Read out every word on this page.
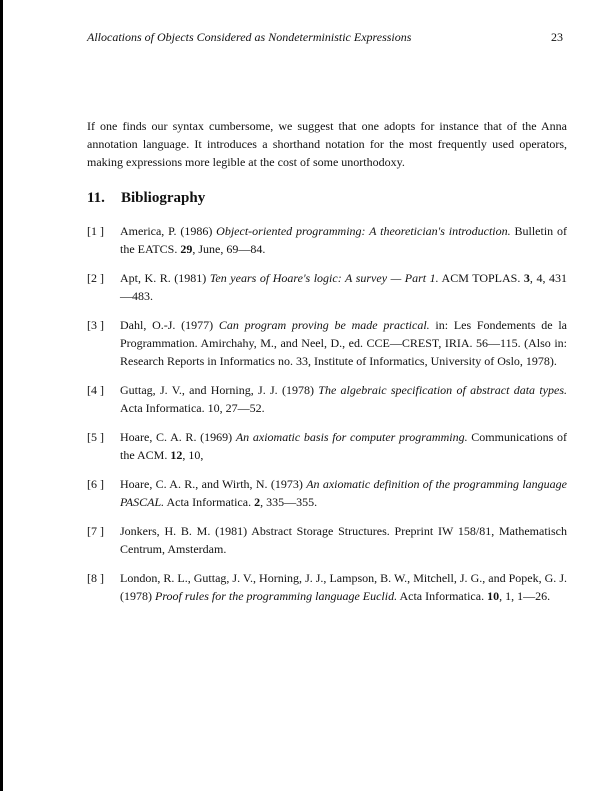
Allocations of Objects Considered as Nondeterministic Expressions	23

If one finds our syntax cumbersome, we suggest that one adopts for instance that of the Anna annotation language. It introduces a shorthand notation for the most frequently used operators, making expressions more legible at the cost of some unorthodoxy.

11. Bibliography
[1 ] America, P. (1986) Object-oriented programming: A theoretician's introduction. Bulletin of the EATCS. 29, June, 69—84.
[2 ] Apt, K. R. (1981) Ten years of Hoare's logic: A survey — Part 1. ACM TOPLAS. 3, 4, 431—483.
[3 ] Dahl, O.-J. (1977) Can program proving be made practical. in: Les Fondements de la Programmation. Amirchahy, M., and Neel, D., ed. CCE—CREST, IRIA. 56—115. (Also in: Research Reports in Informatics no. 33, Institute of Informatics, University of Oslo, 1978).
[4 ] Guttag, J. V., and Horning, J. J. (1978) The algebraic specification of abstract data types. Acta Informatica. 10, 27—52.
[5 ] Hoare, C. A. R. (1969) An axiomatic basis for computer programming. Communications of the ACM. 12, 10,
[6 ] Hoare, C. A. R., and Wirth, N. (1973) An axiomatic definition of the programming language PASCAL. Acta Informatica. 2, 335—355.
[7 ] Jonkers, H. B. M. (1981) Abstract Storage Structures. Preprint IW 158/81, Mathematisch Centrum, Amsterdam.
[8 ] London, R. L., Guttag, J. V., Horning, J. J., Lampson, B. W., Mitchell, J. G., and Popek, G. J. (1978) Proof rules for the programming language Euclid. Acta Informatica. 10, 1, 1—26.
